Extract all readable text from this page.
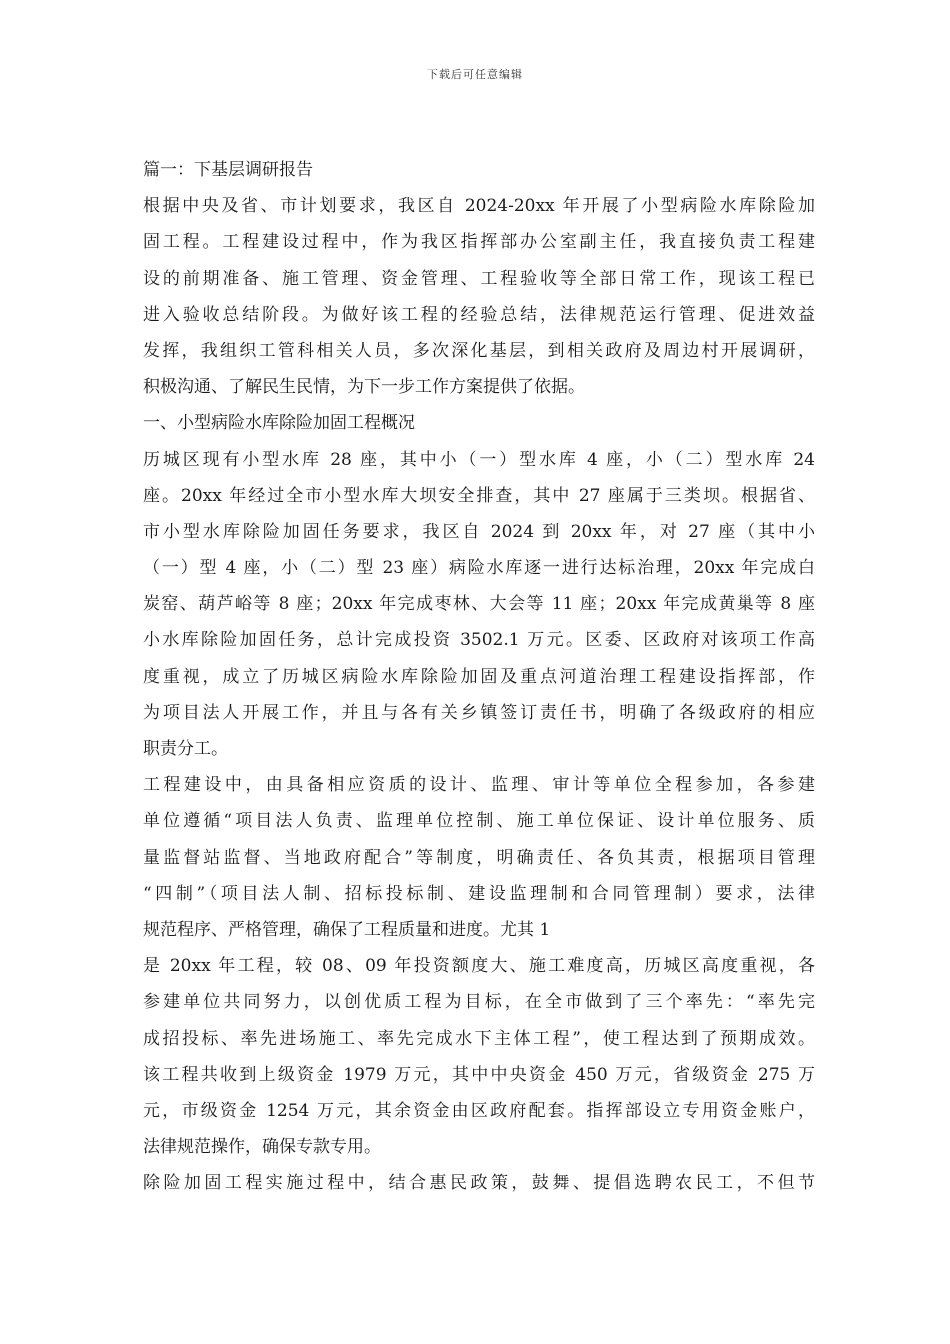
下载后可任意编辑
篇一：下基层调研报告
根据中央及省、市计划要求，我区自 2024-20xx 年开展了小型病险水库除险加
固工程。工程建设过程中，作为我区指挥部办公室副主任，我直接负责工程建
设的前期准备、施工管理、资金管理、工程验收等全部日常工作，现该工程已
进入验收总结阶段。为做好该工程的经验总结，法律规范运行管理、促进效益
发挥，我组织工管科相关人员，多次深化基层，到相关政府及周边村开展调研，
积极沟通、了解民生民情，为下一步工作方案提供了依据。
一、小型病险水库除险加固工程概况
历城区现有小型水库 28 座，其中小（一）型水库 4 座，小（二）型水库 24
座。20xx 年经过全市小型水库大坝安全排查，其中 27 座属于三类坝。根据省、
市小型水库除险加固任务要求，我区自 2024 到 20xx 年，对 27 座（其中小
（一）型 4 座，小（二）型 23 座）病险水库逐一进行达标治理，20xx 年完成白
炭窑、葫芦峪等 8 座；20xx 年完成枣林、大会等 11 座；20xx 年完成黄巢等 8 座
小水库除险加固任务，总计完成投资 3502.1 万元。区委、区政府对该项工作高
度重视，成立了历城区病险水库除险加固及重点河道治理工程建设指挥部，作
为项目法人开展工作，并且与各有关乡镇签订责任书，明确了各级政府的相应
职责分工。
工程建设中，由具备相应资质的设计、监理、审计等单位全程参加，各参建
单位遵循“项目法人负责、监理单位控制、施工单位保证、设计单位服务、质
量监督站监督、当地政府配合”等制度，明确责任、各负其责，根据项目管理
“四制”（项目法人制、招标投标制、建设监理制和合同管理制）要求，法律
规范程序、严格管理，确保了工程质量和进度。尤其 1
是 20xx 年工程，较 08、09 年投资额度大、施工难度高，历城区高度重视，各
参建单位共同努力，以创优质工程为目标，在全市做到了三个率先：“率先完
成招投标、率先进场施工、率先完成水下主体工程”，使工程达到了预期成效。
该工程共收到上级资金 1979 万元，其中中央资金 450 万元，省级资金 275 万
元，市级资金 1254 万元，其余资金由区政府配套。指挥部设立专用资金账户，
法律规范操作，确保专款专用。
除险加固工程实施过程中，结合惠民政策，鼓舞、提倡选聘农民工，不但节
